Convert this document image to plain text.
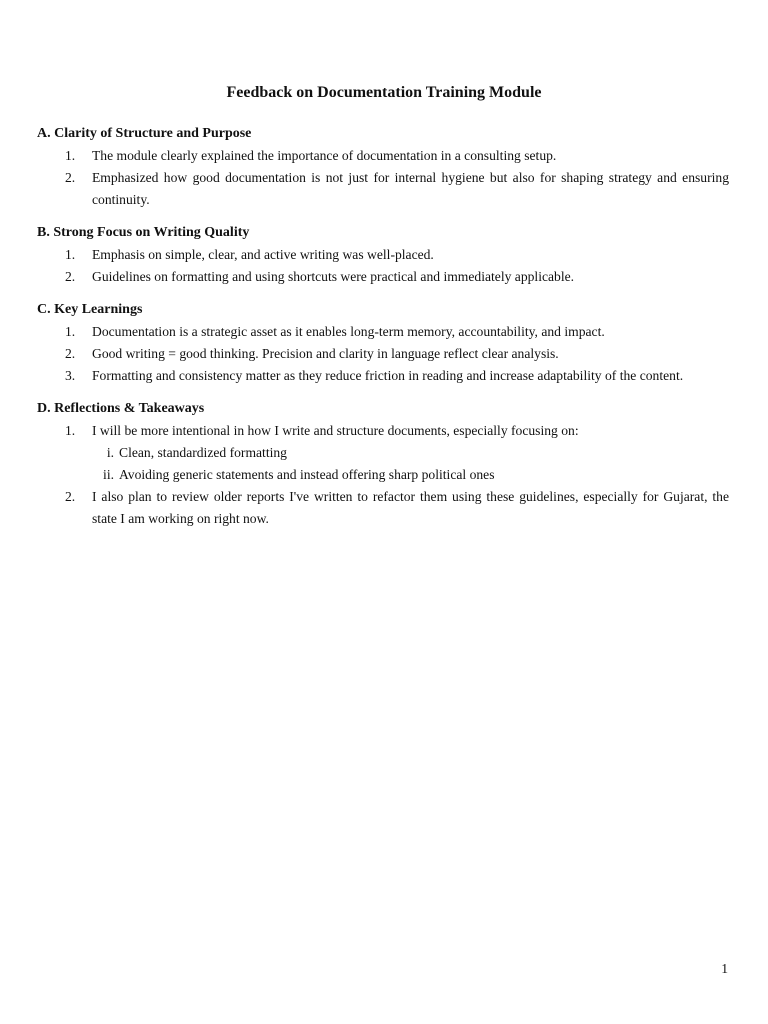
Feedback on Documentation Training Module
A. Clarity of Structure and Purpose
1.	The module clearly explained the importance of documentation in a consulting setup.
2.	Emphasized how good documentation is not just for internal hygiene but also for shaping strategy and ensuring continuity.
B. Strong Focus on Writing Quality
1.	Emphasis on simple, clear, and active writing was well-placed.
2.	Guidelines on formatting and using shortcuts were practical and immediately applicable.
C. Key Learnings
1.	Documentation is a strategic asset as it enables long-term memory, accountability, and impact.
2.	Good writing = good thinking. Precision and clarity in language reflect clear analysis.
3.	Formatting and consistency matter as they reduce friction in reading and increase adaptability of the content.
D. Reflections & Takeaways
1.	I will be more intentional in how I write and structure documents, especially focusing on:
i. Clean, standardized formatting
ii. Avoiding generic statements and instead offering sharp political ones
2.	I also plan to review older reports I've written to refactor them using these guidelines, especially for Gujarat, the state I am working on right now.
1
